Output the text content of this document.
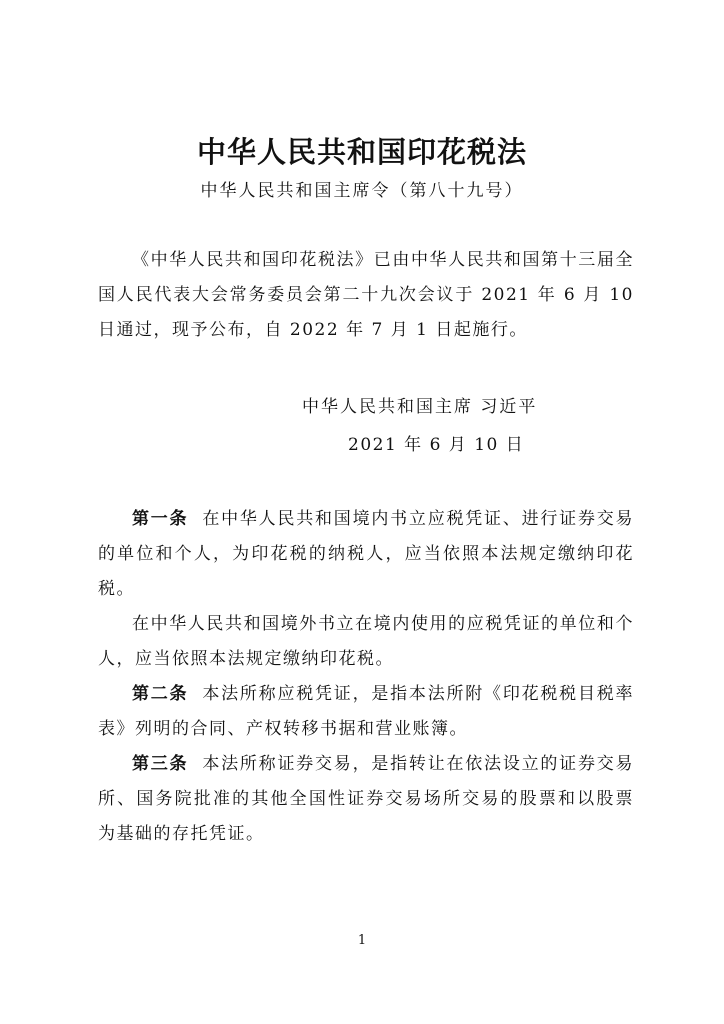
中华人民共和国印花税法
中华人民共和国主席令（第八十九号）

《中华人民共和国印花税法》已由中华人民共和国第十三届全国人民代表大会常务委员会第二十九次会议于 2021 年 6 月 10 日通过，现予公布，自 2022 年 7 月 1 日起施行。

中华人民共和国主席 习近平
2021 年 6 月 10 日

第一条 在中华人民共和国境内书立应税凭证、进行证券交易的单位和个人，为印花税的纳税人，应当依照本法规定缴纳印花税。

在中华人民共和国境外书立在境内使用的应税凭证的单位和个人，应当依照本法规定缴纳印花税。

第二条 本法所称应税凭证，是指本法所附《印花税税目税率表》列明的合同、产权转移书据和营业账簿。

第三条 本法所称证券交易，是指转让在依法设立的证券交易所、国务院批准的其他全国性证券交易场所交易的股票和以股票为基础的存托凭证。

1
